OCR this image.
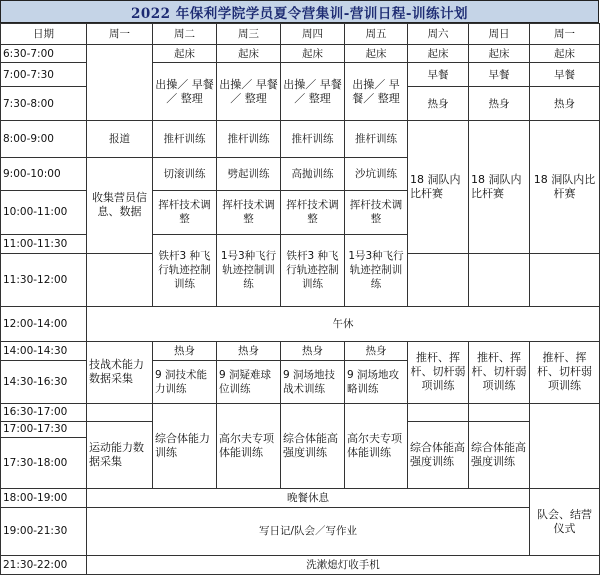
2022 年保利学院学员夏令营集训-营训日程-训练计划
日期	周一	周二	周三	周四	周五	周六	周日	周一
6:30-7:00		起床	起床	起床	起床	起床	起床	起床
7:00-7:30		出操／ 早餐／ 整理	出操／ 早餐／ 整理	出操／ 早餐／ 整理	出操／ 早餐／ 整理	早餐	早餐	早餐
7:30-8:00						热身	热身	热身
8:00-9:00	报道	推杆训练	推杆训练	推杆训练	推杆训练	18 洞队内比杆赛	18 洞队内比杆赛	18 洞队内比杆赛
9:00-10:00	收集营员信息、数据	切滚训练	劈起训练	高抛训练	沙坑训练			
10:00-11:00		挥杆技术调整	挥杆技术调整	挥杆技术调整	挥杆技术调整			
11:00-11:30		铁杆3 种飞行轨迹控制训练	1号3种飞行轨迹控制训练	铁杆3 种飞行轨迹控制训练	1号3种飞行轨迹控制训练			
11:30-12:00								
12:00-14:00	午休							
14:00-14:30	技战术能力数据采集	热身	热身	热身	热身	推杆、挥杆、切杆弱项训练	推杆、挥杆、切杆弱项训练	推杆、挥杆、切杆弱项训练
14:30-16:30		9 洞技术能力训练	9 洞疑难球位训练	9 洞场地技战术训练	9 洞场地攻略训练			
16:30-17:00		综合体能力训练	高尔夫专项体能训练	综合体能高强度训练	高尔夫专项体能训练			
17:00-17:30	运动能力数据采集					综合体能高强度训练	综合体能高强度训练	
17:30-18:00								
18:00-19:00	晚餐休息							队会、结营仪式
19:00-21:30	写日记/队会／写作业							
21:30-22:00	洗漱熄灯收手机							
